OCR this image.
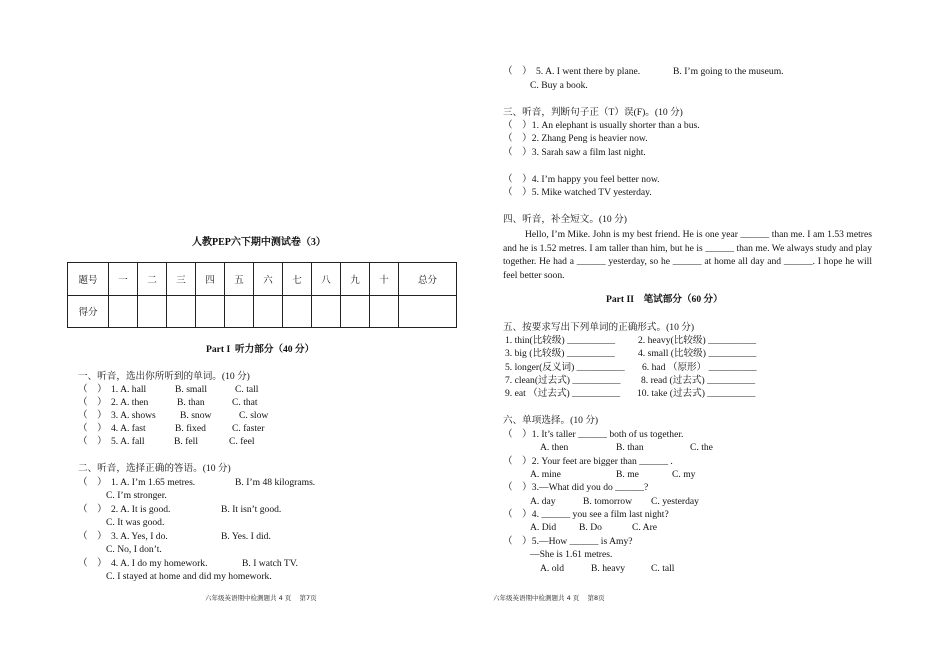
人教PEP六下期中测试卷（3）
题号	一	二	三	四	五	六	七	八	九	十	总分
得分											
Part I  听力部分（40 分）
一、听音，选出你所听到的单词。(10 分)
（    ） 1. A. hall	B. small	C. tall
（    ） 2. A. then	B. than	C. that
（    ） 3. A. shows	B. snow	C. slow
（    ） 4. A. fast	B. fixed	C. faster
（    ） 5. A. fall	B. fell	C. feel
二、听音，选择正确的答语。(10 分)
（    ） 1. A. I’m 1.65 metres.	B. I’m 48 kilograms.
C. I’m stronger.
（    ） 2. A. It is good.	B. It isn’t good.
C. It was good.
（    ） 3. A. Yes, I do.	B. Yes. I did.
C. No, I don’t.
（    ） 4. A. I do my homework.	B. I watch TV.
C. I stayed at home and did my homework.
六年级英语期中检测题共 4 页    第7页
（    ） 5. A. I went there by plane.	B. I’m going to the museum.
C. Buy a book.
三、听音，判断句子正（T）误(F)。(10 分)
（    ）1. An elephant is usually shorter than a bus.
（    ）2. Zhang Peng is heavier now.
（    ）3. Sarah saw a film last night.
（    ）4. I’m happy you feel better now.
（    ）5. Mike watched TV yesterday.
四、听音，补全短文。(10 分)
Hello, I’m Mike. John is my best friend. He is one year ______ than me. I am 1.53 metres and he is 1.52 metres. I am taller than him, but he is ______ than me. We always study and play together. He had a ______ yesterday, so he ______ at home all day and ______. I hope he will feel better soon.
Part II    笔试部分（60 分）
五、按要求写出下列单词的正确形式。(10 分)
1. thin(比较级) __________ 2. heavy(比较级) __________
3. big (比较级) __________ 4. small (比较级) __________
5. longer(反义词) __________ 6. had （原形） __________
7. clean(过去式) __________ 8. read (过去式) __________
9. eat （过去式) __________ 10. take (过去式) __________
六、单项选择。(10 分)
（    ）1. It’s taller ______ both of us together.
A. then	B. than	C. the
（    ）2. Your feet are bigger than ______ .
A. mine	B. me	C. my
（    ）3.—What did you do ______?
A. day	B. tomorrow C. yesterday
（    ）4. ______ you see a film last night?
A. Did B. Do	C. Are
（    ）5.—How ______ is Amy?
—She is 1.61 metres.
A. old	B. heavy	C. tall
六年级英语期中检测题共 4 页    第8页
